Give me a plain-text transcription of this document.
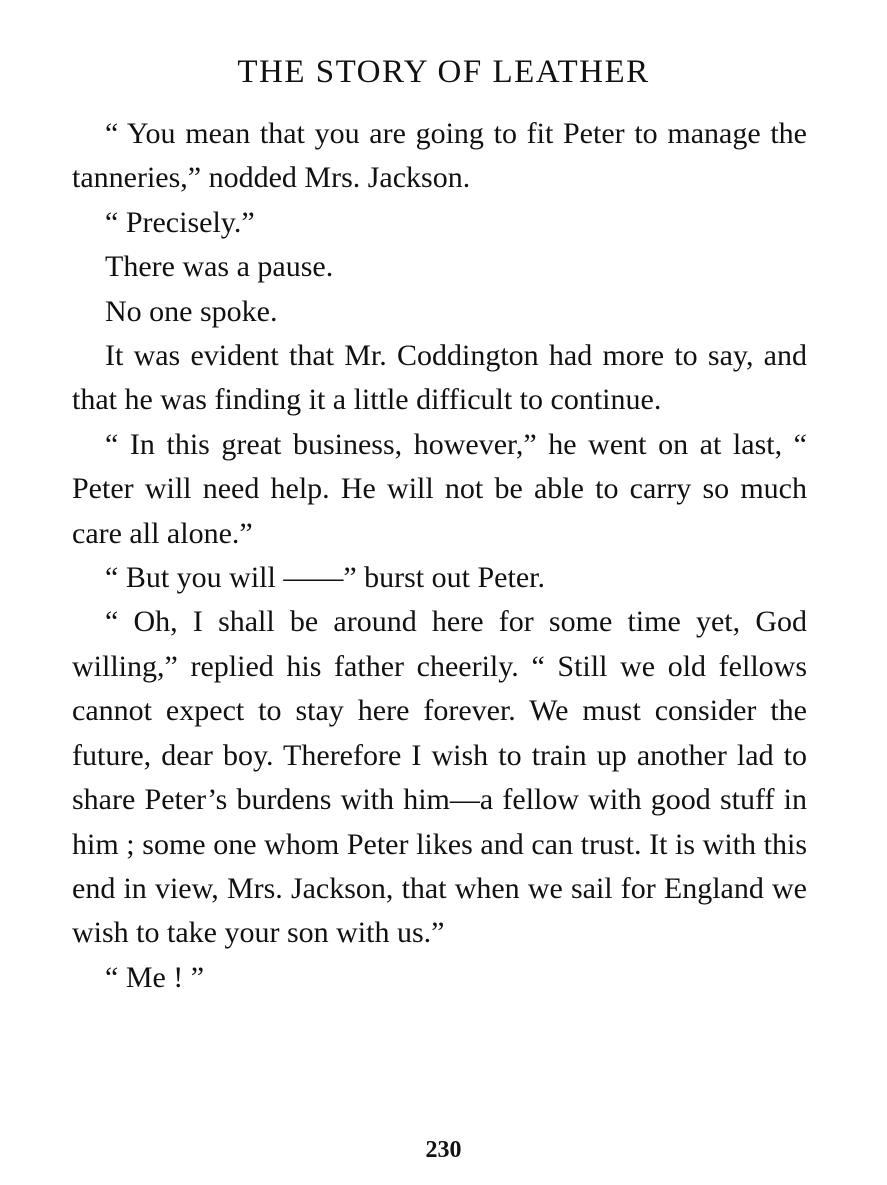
THE STORY OF LEATHER

“ You mean that you are going to fit Peter to manage the tanneries,” nodded Mrs. Jackson.

“ Precisely.”

There was a pause.

No one spoke.

It was evident that Mr. Coddington had more to say, and that he was finding it a little difficult to continue.

“ In this great business, however,” he went on at last, “ Peter will need help. He will not be able to carry so much care all alone.”

“ But you will ——” burst out Peter.

“ Oh, I shall be around here for some time yet, God willing,” replied his father cheerily. “ Still we old fellows cannot expect to stay here forever. We must consider the future, dear boy. Therefore I wish to train up another lad to share Peter’s burdens with him—a fellow with good stuff in him ; some one whom Peter likes and can trust. It is with this end in view, Mrs. Jackson, that when we sail for England we wish to take your son with us.”

“ Me ! ”

230
